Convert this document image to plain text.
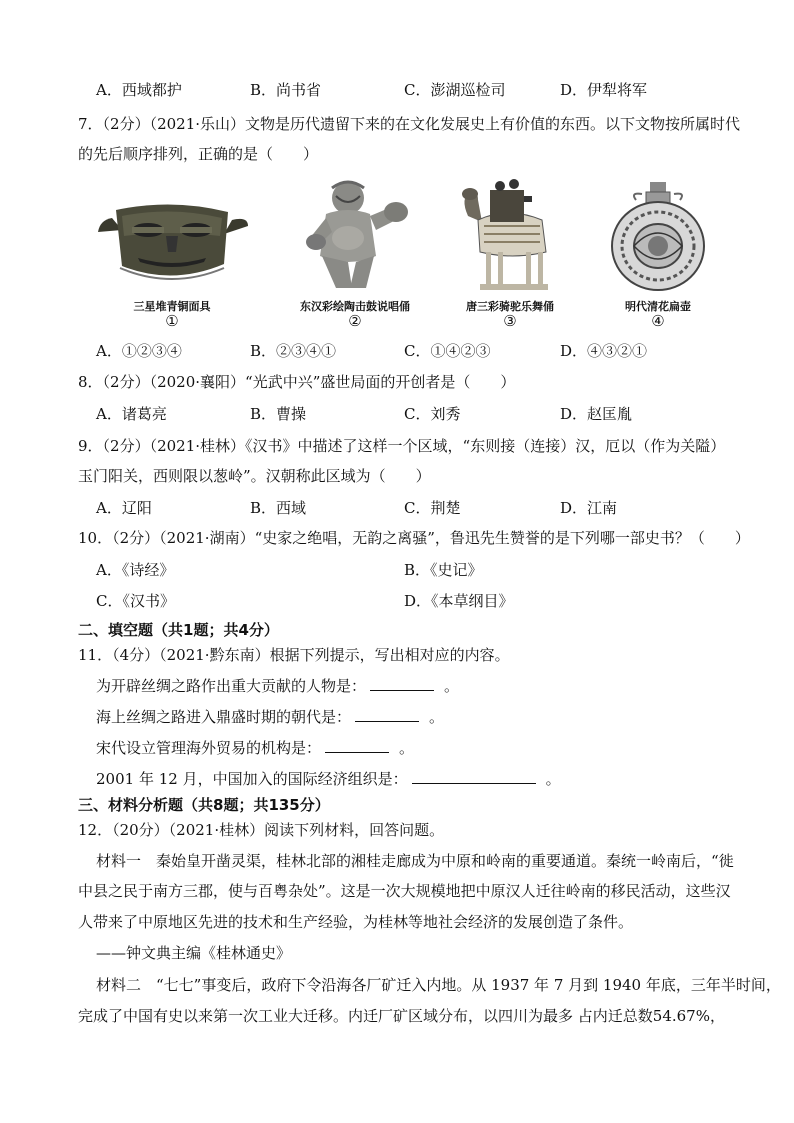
A．西域都护	B．尚书省	C．澎湖巡检司	D．伊犁将军
7．（2分）（2021·乐山）文物是历代遗留下来的在文化发展史上有价值的东西。以下文物按所属时代
的先后顺序排列，正确的是（　　）
三星堆青铜面具
①
东汉彩绘陶击鼓说唱俑
②
唐三彩骑驼乐舞俑
③
明代清花扁壶
④
A．①②③④	B．②③④①	C．①④②③	D．④③②①
8．（2分）（2020·襄阳）“光武中兴”盛世局面的开创者是（　　）
A．诸葛亮	B．曹操	C．刘秀	D．赵匡胤
9．（2分）（2021·桂林）《汉书》中描述了这样一个区域，“东则接（连接）汉，厄以（作为关隘）
玉门阳关，西则限以葱岭”。汉朝称此区域为（　　）
A．辽阳	B．西域	C．荆楚	D．江南
10．（2分）（2021·湖南）“史家之绝唱，无韵之离骚”，鲁迅先生赞誉的是下列哪一部史书？（　　）
A．《诗经》	B．《史记》
C．《汉书》	D．《本草纲目》
二、填空题（共1题；共4分）
11．（4分）（2021·黔东南）根据下列提示，写出相对应的内容。
为开辟丝绸之路作出重大贡献的人物是：	。
海上丝绸之路进入鼎盛时期的朝代是：	。
宋代设立管理海外贸易的机构是：	。
2001 年 12 月，中国加入的国际经济组织是：	。
三、材料分析题（共8题；共135分）
12．（20分）（2021·桂林）阅读下列材料，回答问题。
材料一　秦始皇开凿灵渠，桂林北部的湘桂走廊成为中原和岭南的重要通道。秦统一岭南后，“徙
中县之民于南方三郡，使与百粤杂处”。这是一次大规模地把中原汉人迁往岭南的移民活动，这些汉
人带来了中原地区先进的技术和生产经验，为桂林等地社会经济的发展创造了条件。
——钟文典主编《桂林通史》
材料二　“七七”事变后，政府下令沿海各厂矿迁入内地。从 1937 年 7 月到 1940 年底，三年半时间，
完成了中国有史以来第一次工业大迁移。内迁厂矿区域分布，以四川为最多 占内迁总数54.67%，
